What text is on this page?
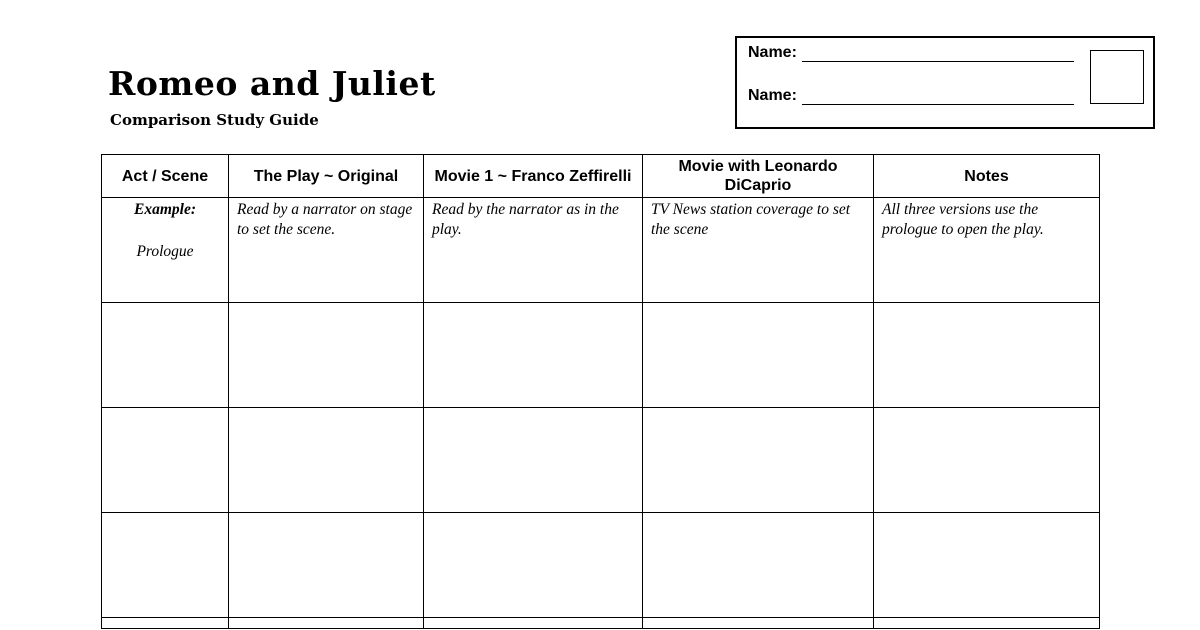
Romeo and Juliet
Comparison Study Guide
Name:
Name:
Act / Scene	The Play ~ Original	Movie 1 ~ Franco Zeffirelli	Movie with Leonardo DiCaprio	Notes

Example:
Prologue	Read by a narrator on stage to set the scene.	Read by the narrator as in the play.	TV News station coverage to set the scene	All three versions use the prologue to open the play.
